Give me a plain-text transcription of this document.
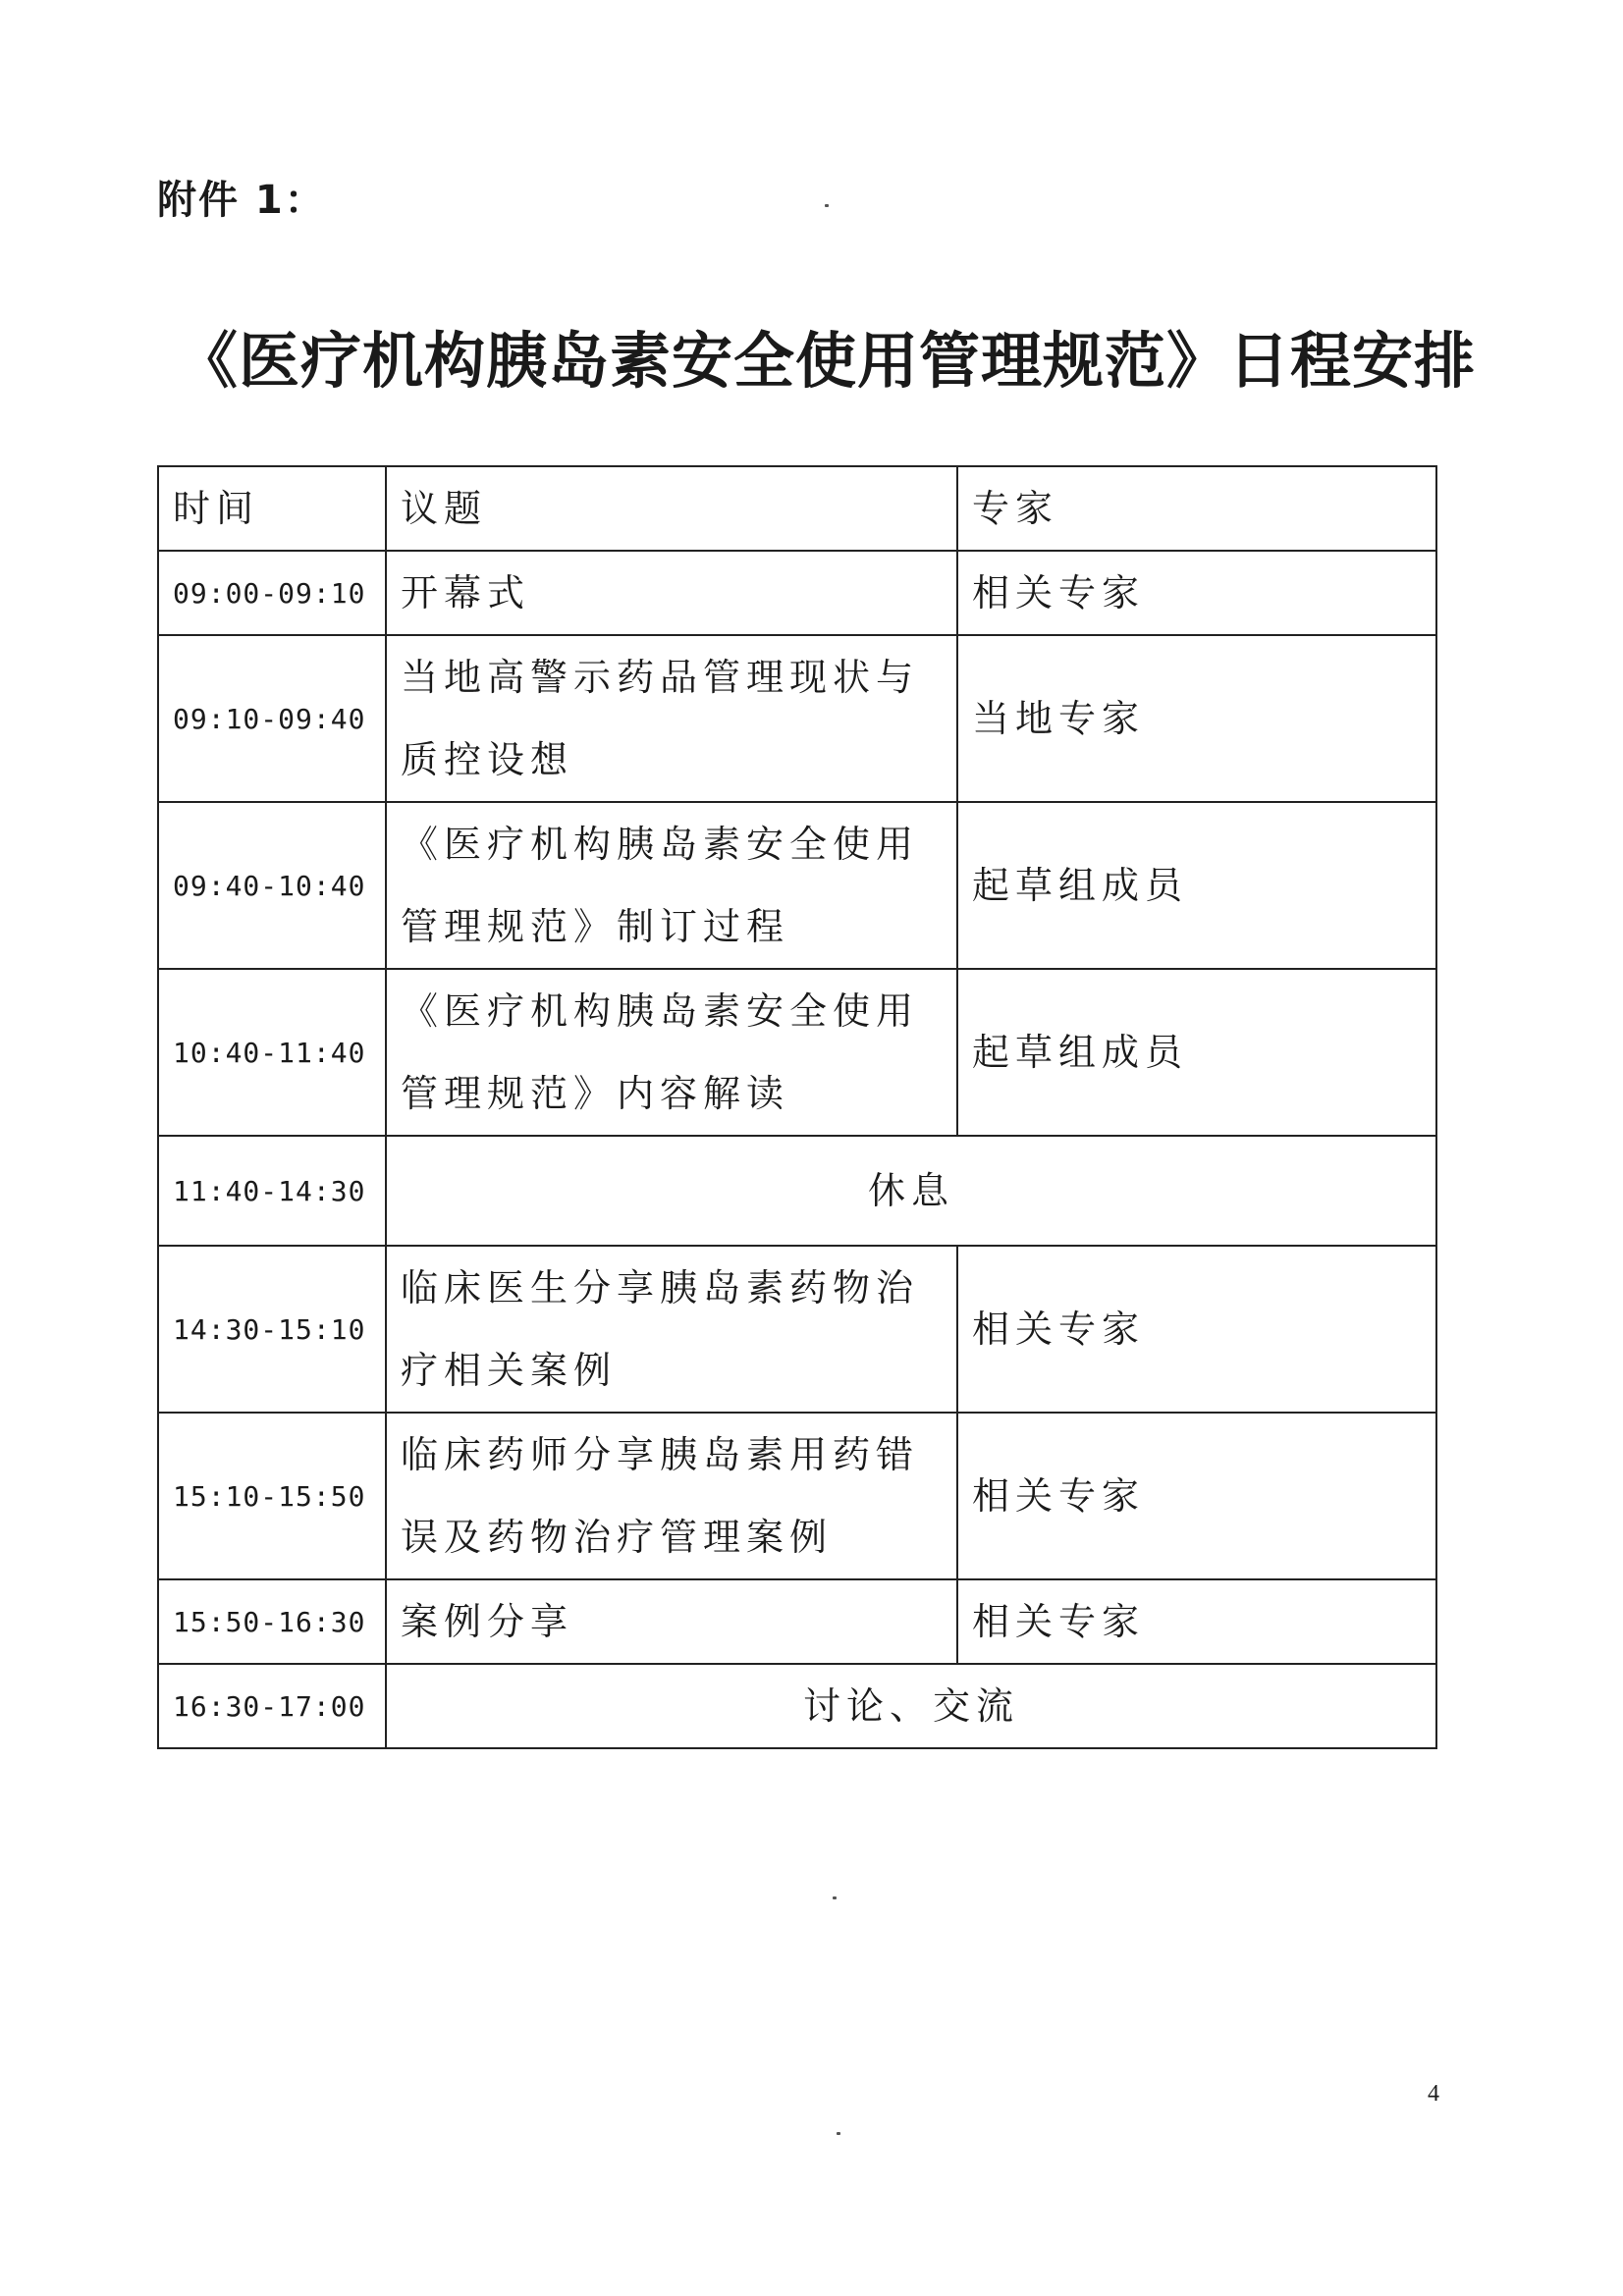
附件 1：
《医疗机构胰岛素安全使用管理规范》日程安排
时间	议题	专家
09:00-09:10	开幕式	相关专家
09:10-09:40	当地高警示药品管理现状与质控设想	当地专家
09:40-10:40	《医疗机构胰岛素安全使用管理规范》制订过程	起草组成员
10:40-11:40	《医疗机构胰岛素安全使用管理规范》内容解读	起草组成员
11:40-14:30	休息	
14:30-15:10	临床医生分享胰岛素药物治疗相关案例	相关专家
15:10-15:50	临床药师分享胰岛素用药错误及药物治疗管理案例	相关专家
15:50-16:30	案例分享	相关专家
16:30-17:00	讨论、交流	
4
